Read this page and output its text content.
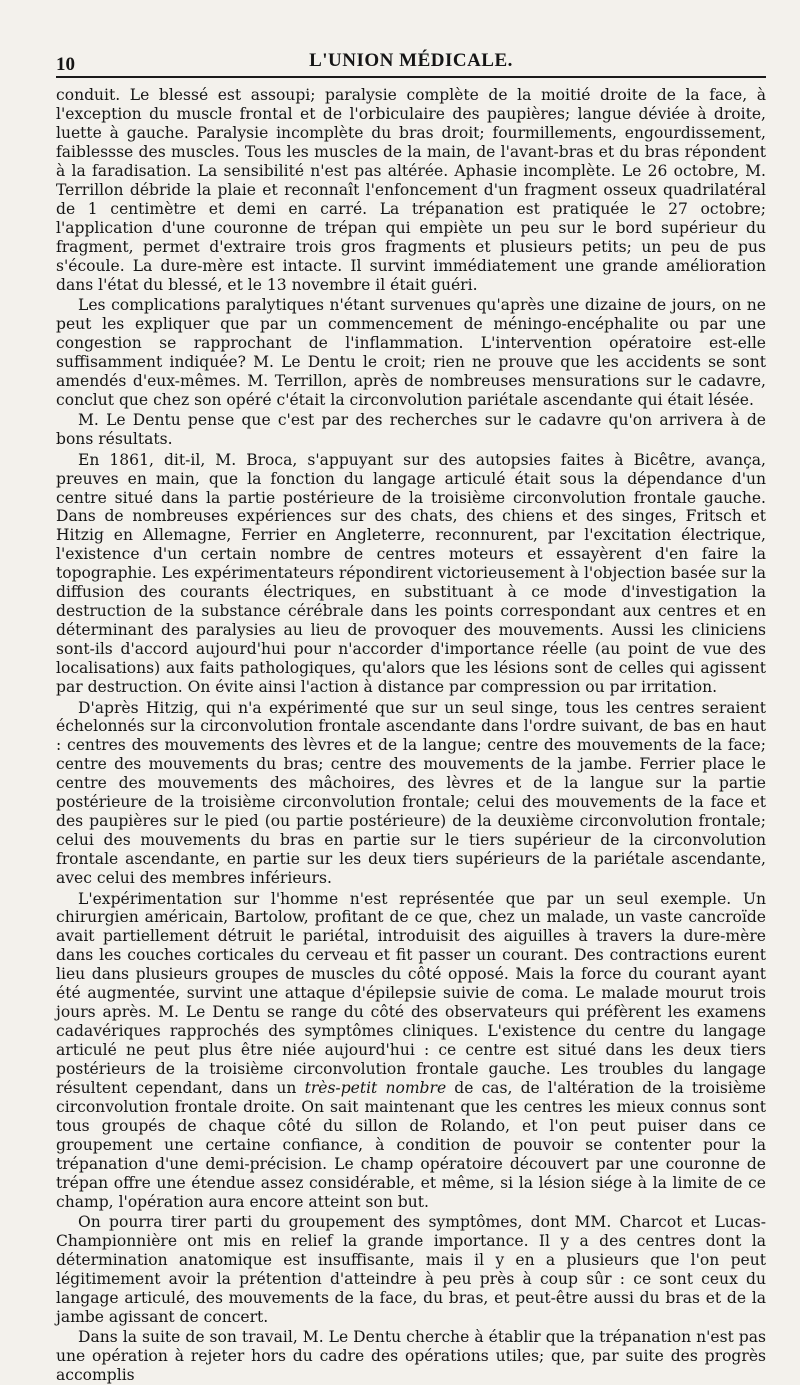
10	L'UNION MÉDICALE.

conduit. Le blessé est assoupi; paralysie complète de la moitié droite de la face, à l'exception du muscle frontal et de l'orbiculaire des paupières; langue déviée à droite, luette à gauche. Paralysie incomplète du bras droit; fourmillements, engourdissement, faiblessse des muscles. Tous les muscles de la main, de l'avant-bras et du bras répondent à la faradisation. La sensibilité n'est pas altérée. Aphasie incomplète. Le 26 octobre, M. Terrillon débride la plaie et reconnaît l'enfoncement d'un fragment osseux quadrilatéral de 1 centimètre et demi en carré. La trépanation est pratiquée le 27 octobre; l'application d'une couronne de trépan qui empiète un peu sur le bord supérieur du fragment, permet d'extraire trois gros fragments et plusieurs petits; un peu de pus s'écoule. La dure-mère est intacte. Il survint immédiatement une grande amélioration dans l'état du blessé, et le 13 novembre il était guéri.

Les complications paralytiques n'étant survenues qu'après une dizaine de jours, on ne peut les expliquer que par un commencement de méningo-encéphalite ou par une congestion se rapprochant de l'inflammation. L'intervention opératoire est-elle suffisamment indiquée? M. Le Dentu le croit; rien ne prouve que les accidents se sont amendés d'eux-mêmes. M. Terrillon, après de nombreuses mensurations sur le cadavre, conclut que chez son opéré c'était la circonvolution pariétale ascendante qui était lésée.

M. Le Dentu pense que c'est par des recherches sur le cadavre qu'on arrivera à de bons résultats.

En 1861, dit-il, M. Broca, s'appuyant sur des autopsies faites à Bicêtre, avança, preuves en main, que la fonction du langage articulé était sous la dépendance d'un centre situé dans la partie postérieure de la troisième circonvolution frontale gauche. Dans de nombreuses expériences sur des chats, des chiens et des singes, Fritsch et Hitzig en Allemagne, Ferrier en Angleterre, reconnurent, par l'excitation électrique, l'existence d'un certain nombre de centres moteurs et essayèrent d'en faire la topographie. Les expérimentateurs répondirent victorieusement à l'objection basée sur la diffusion des courants électriques, en substituant à ce mode d'investigation la destruction de la substance cérébrale dans les points correspondant aux centres et en déterminant des paralysies au lieu de provoquer des mouvements. Aussi les cliniciens sont-ils d'accord aujourd'hui pour n'accorder d'importance réelle (au point de vue des localisations) aux faits pathologiques, qu'alors que les lésions sont de celles qui agissent par destruction. On évite ainsi l'action à distance par compression ou par irritation.

D'après Hitzig, qui n'a expérimenté que sur un seul singe, tous les centres seraient échelonnés sur la circonvolution frontale ascendante dans l'ordre suivant, de bas en haut : centres des mouvements des lèvres et de la langue; centre des mouvements de la face; centre des mouvements du bras; centre des mouvements de la jambe. Ferrier place le centre des mouvements des mâchoires, des lèvres et de la langue sur la partie postérieure de la troisième circonvolution frontale; celui des mouvements de la face et des paupières sur le pied (ou partie postérieure) de la deuxième circonvolution frontale; celui des mouvements du bras en partie sur le tiers supérieur de la circonvolution frontale ascendante, en partie sur les deux tiers supérieurs de la pariétale ascendante, avec celui des membres inférieurs.

L'expérimentation sur l'homme n'est représentée que par un seul exemple. Un chirurgien américain, Bartolow, profitant de ce que, chez un malade, un vaste cancroïde avait partiellement détruit le pariétal, introduisit des aiguilles à travers la dure-mère dans les couches corticales du cerveau et fit passer un courant. Des contractions eurent lieu dans plusieurs groupes de muscles du côté opposé. Mais la force du courant ayant été augmentée, survint une attaque d'épilepsie suivie de coma. Le malade mourut trois jours après. M. Le Dentu se range du côté des observateurs qui préfèrent les examens cadavériques rapprochés des symptômes cliniques. L'existence du centre du langage articulé ne peut plus être niée aujourd'hui : ce centre est situé dans les deux tiers postérieurs de la troisième circonvolution frontale gauche. Les troubles du langage résultent cependant, dans un très-petit nombre de cas, de l'altération de la troisième circonvolution frontale droite. On sait maintenant que les centres les mieux connus sont tous groupés de chaque côté du sillon de Rolando, et l'on peut puiser dans ce groupement une certaine confiance, à condition de pouvoir se contenter pour la trépanation d'une demi-précision. Le champ opératoire découvert par une couronne de trépan offre une étendue assez considérable, et même, si la lésion siége à la limite de ce champ, l'opération aura encore atteint son but.

On pourra tirer parti du groupement des symptômes, dont MM. Charcot et Lucas-Championnière ont mis en relief la grande importance. Il y a des centres dont la détermination anatomique est insuffisante, mais il y en a plusieurs que l'on peut légitimement avoir la prétention d'atteindre à peu près à coup sûr : ce sont ceux du langage articulé, des mouvements de la face, du bras, et peut-être aussi du bras et de la jambe agissant de concert.

Dans la suite de son travail, M. Le Dentu cherche à établir que la trépanation n'est pas une opération à rejeter hors du cadre des opérations utiles; que, par suite des progrès accomplis
